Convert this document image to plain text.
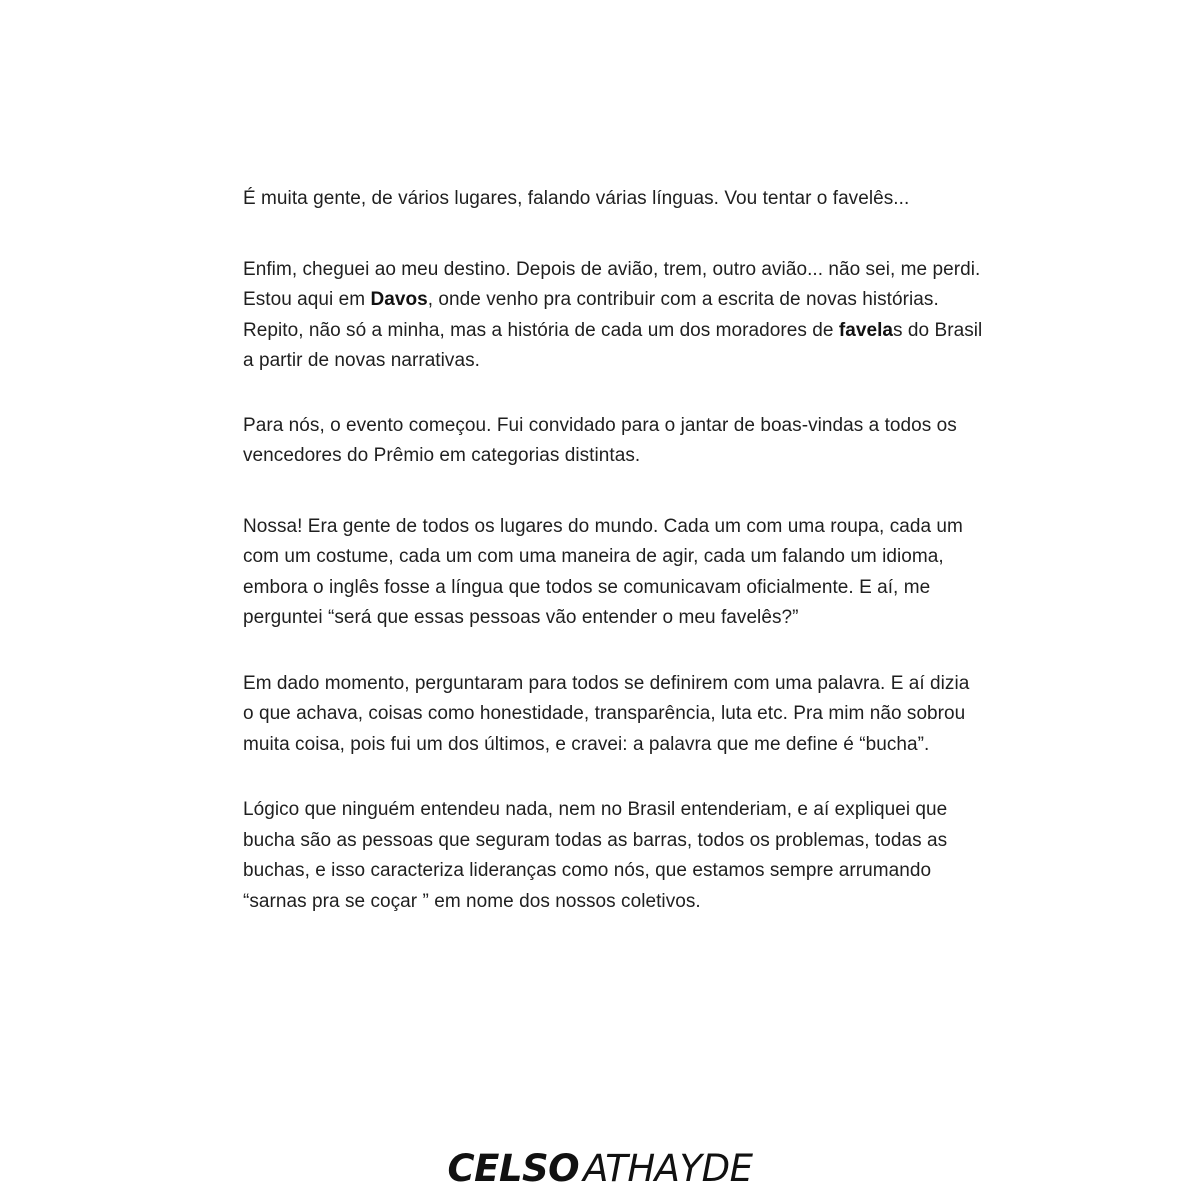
É muita gente, de vários lugares, falando várias línguas. Vou tentar o favelês...

Enfim, cheguei ao meu destino. Depois de avião, trem, outro avião... não sei, me perdi. Estou aqui em Davos, onde venho pra contribuir com a escrita de novas histórias. Repito, não só a minha, mas a história de cada um dos moradores de favelas do Brasil a partir de novas narrativas.

Para nós, o evento começou. Fui convidado para o jantar de boas-vindas a todos os vencedores do Prêmio em categorias distintas.

Nossa! Era gente de todos os lugares do mundo. Cada um com uma roupa, cada um com um costume, cada um com uma maneira de agir, cada um falando um idioma, embora o inglês fosse a língua que todos se comunicavam oficialmente. E aí, me perguntei “será que essas pessoas vão entender o meu favelês?”

Em dado momento, perguntaram para todos se definirem com uma palavra. E aí dizia o que achava, coisas como honestidade, transparência, luta etc. Pra mim não sobrou muita coisa, pois fui um dos últimos, e cravei: a palavra que me define é “bucha”.

Lógico que ninguém entendeu nada, nem no Brasil entenderiam, e aí expliquei que bucha são as pessoas que seguram todas as barras, todos os problemas, todas as buchas, e isso caracteriza lideranças como nós, que estamos sempre arrumando “sarnas pra se coçar ” em nome dos nossos coletivos.

CELSO ATHAYDE
